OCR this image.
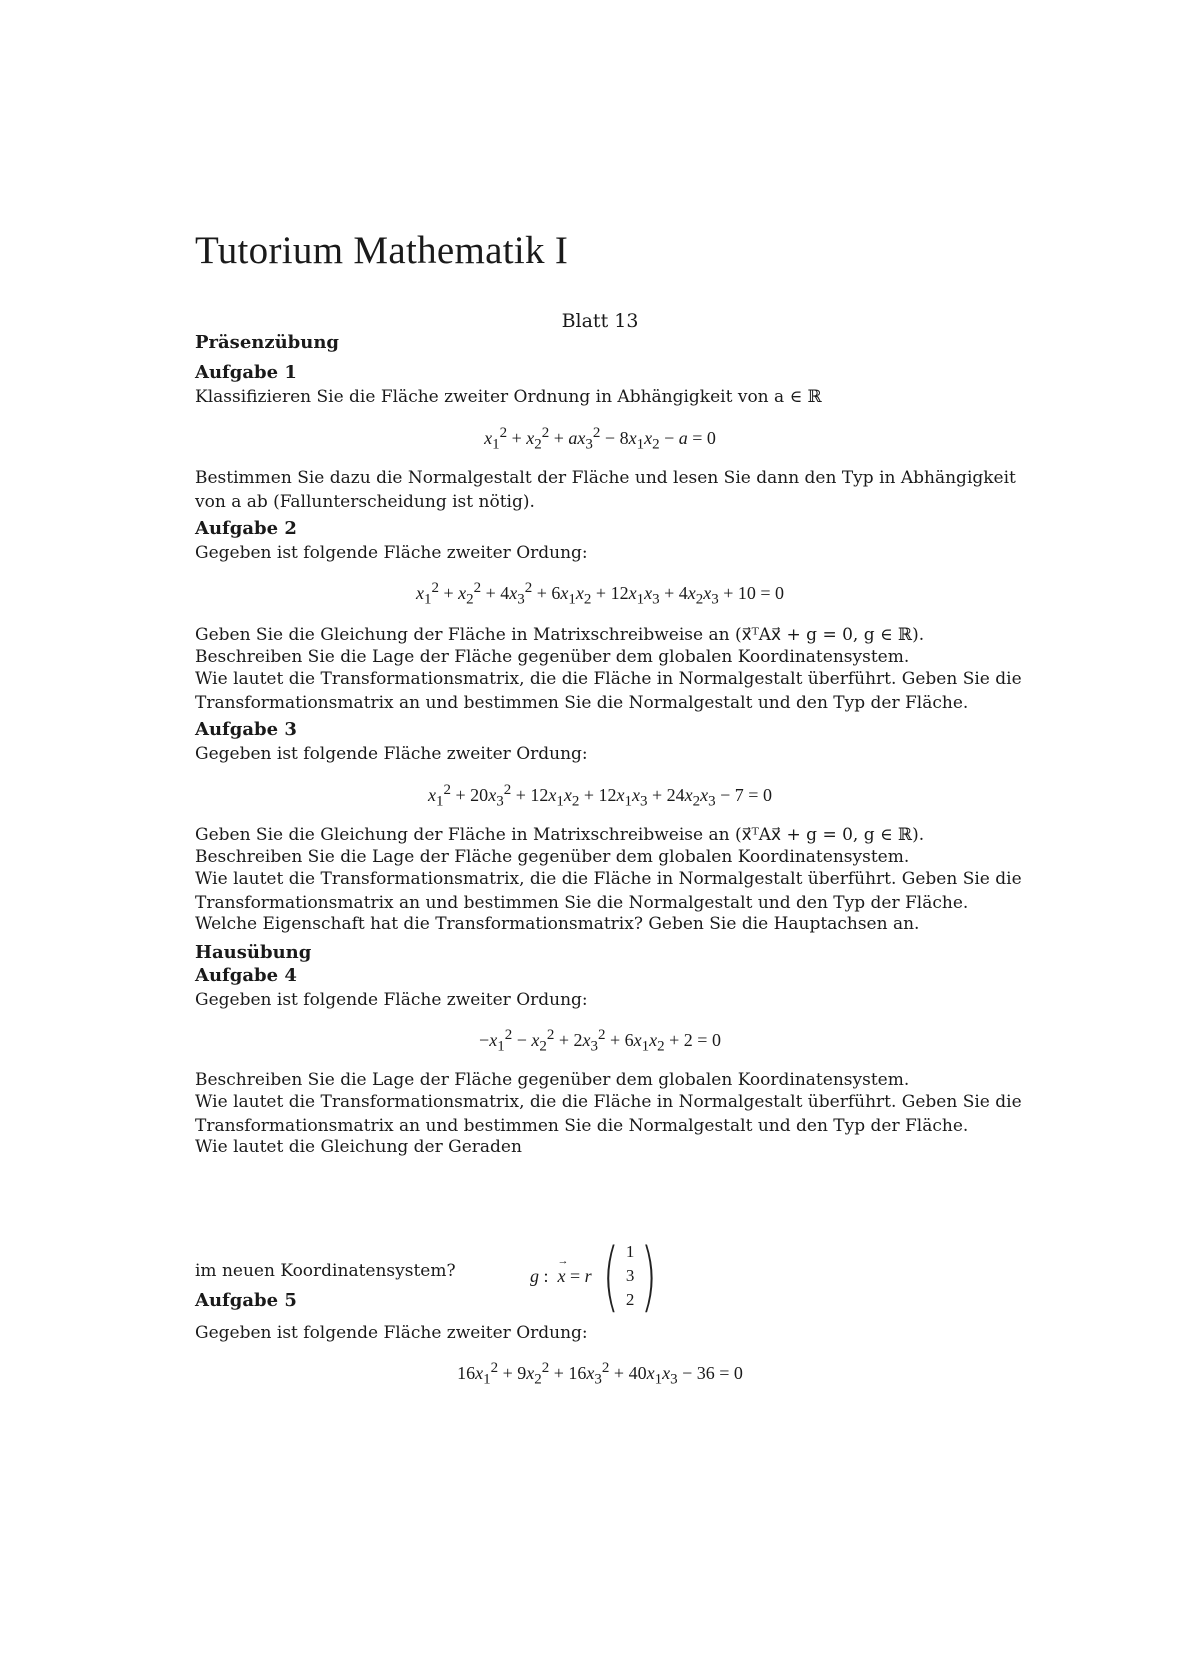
Tutorium Mathematik I
Blatt 13
Präsenzübung
Aufgabe 1
Klassifizieren Sie die Fläche zweiter Ordnung in Abhängigkeit von a ∈ ℝ
$x_1^2 + x_2^2 + ax_3^2 - 8x_1x_2 - a = 0$
Bestimmen Sie dazu die Normalgestalt der Fläche und lesen Sie dann den Typ in Abhängigkeit von a ab (Fallunterscheidung ist nötig).
Aufgabe 2
Gegeben ist folgende Fläche zweiter Ordung:
$x_1^2 + x_2^2 + 4x_3^2 + 6x_1x_2 + 12x_1x_3 + 4x_2x_3 + 10 = 0$
Geben Sie die Gleichung der Fläche in Matrixschreibweise an (x⃗ᵀAx⃗ + g = 0, g ∈ ℝ).
Beschreiben Sie die Lage der Fläche gegenüber dem globalen Koordinatensystem.
Wie lautet die Transformationsmatrix, die die Fläche in Normalgestalt überführt. Geben Sie die Transformationsmatrix an und bestimmen Sie die Normalgestalt und den Typ der Fläche.
Aufgabe 3
Gegeben ist folgende Fläche zweiter Ordung:
$x_1^2 + 20x_3^2 + 12x_1x_2 + 12x_1x_3 + 24x_2x_3 - 7 = 0$
Geben Sie die Gleichung der Fläche in Matrixschreibweise an (x⃗ᵀAx⃗ + g = 0, g ∈ ℝ).
Beschreiben Sie die Lage der Fläche gegenüber dem globalen Koordinatensystem.
Wie lautet die Transformationsmatrix, die die Fläche in Normalgestalt überführt. Geben Sie die Transformationsmatrix an und bestimmen Sie die Normalgestalt und den Typ der Fläche.
Welche Eigenschaft hat die Transformationsmatrix? Geben Sie die Hauptachsen an.
Hausübung
Aufgabe 4
Gegeben ist folgende Fläche zweiter Ordung:
$-x_1^2 - x_2^2 + 2x_3^2 + 6x_1x_2 + 2 = 0$
Beschreiben Sie die Lage der Fläche gegenüber dem globalen Koordinatensystem.
Wie lautet die Transformationsmatrix, die die Fläche in Normalgestalt überführt. Geben Sie die Transformationsmatrix an und bestimmen Sie die Normalgestalt und den Typ der Fläche.
Wie lautet die Gleichung der Geraden
g :
→ x = r
( 1
3
2 )
im neuen Koordinatensystem?
Aufgabe 5
Gegeben ist folgende Fläche zweiter Ordung:
$16x_1^2 + 9x_2^2 + 16x_3^2 + 40x_1x_3 - 36 = 0$
